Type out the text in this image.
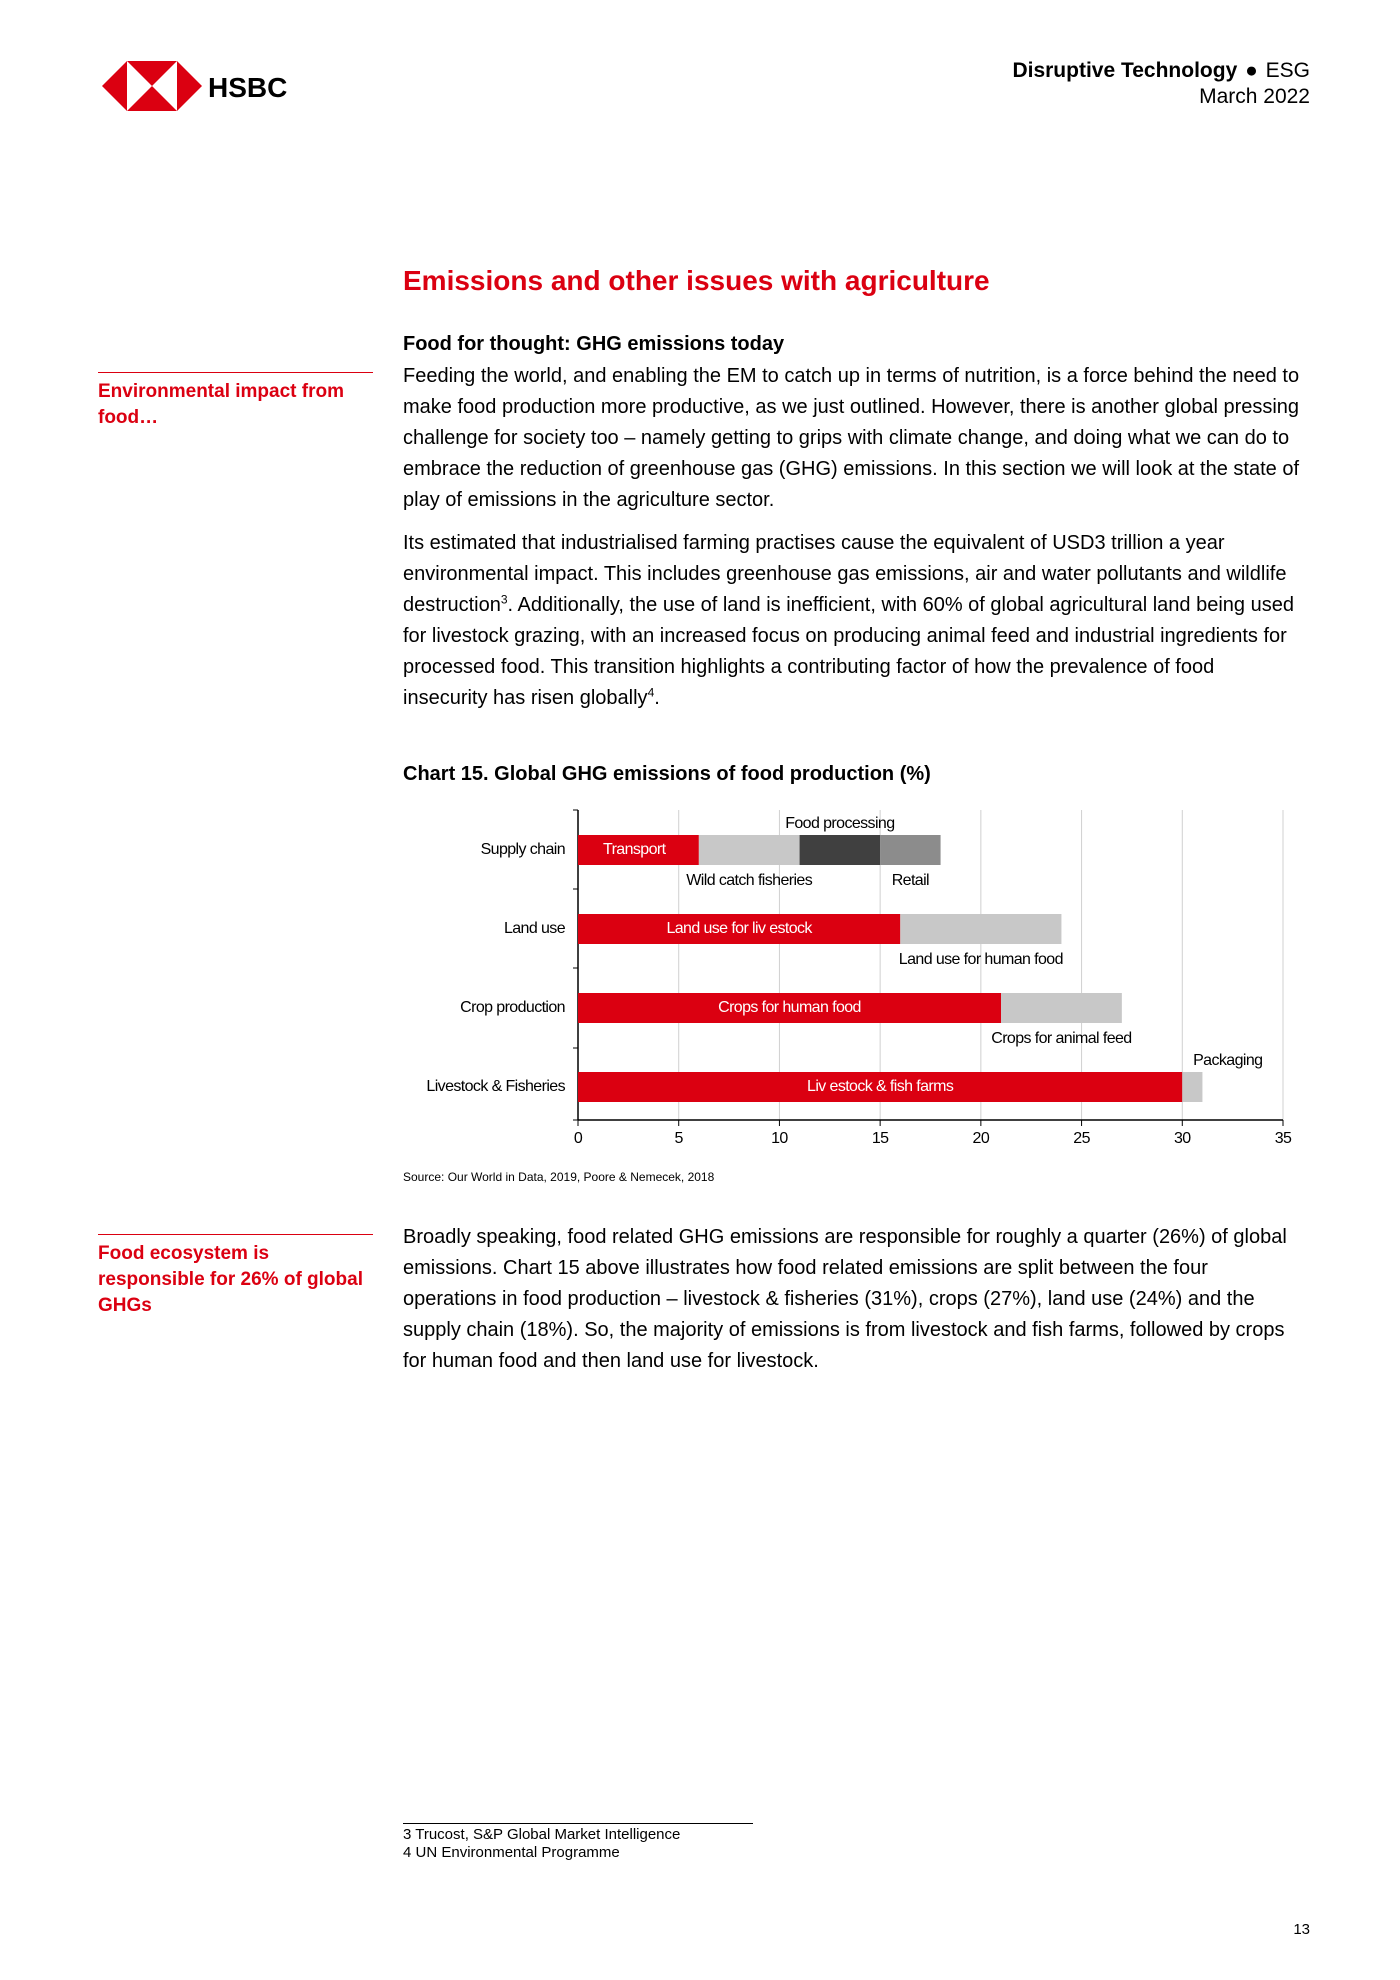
HSBC
Disruptive Technology ● ESG
March 2022
Emissions and other issues with agriculture
Environmental impact from food…
Food for thought: GHG emissions today
Feeding the world, and enabling the EM to catch up in terms of nutrition, is a force behind the need to make food production more productive, as we just outlined. However, there is another global pressing challenge for society too – namely getting to grips with climate change, and doing what we can do to embrace the reduction of greenhouse gas (GHG) emissions. In this section we will look at the state of play of emissions in the agriculture sector.
Its estimated that industrialised farming practises cause the equivalent of USD3 trillion a year environmental impact. This includes greenhouse gas emissions, air and water pollutants and wildlife destruction$^3$. Additionally, the use of land is inefficient, with 60% of global agricultural land being used for livestock grazing, with an increased focus on producing animal feed and industrial ingredients for processed food. This transition highlights a contributing factor of how the prevalence of food insecurity has risen globally$^4$.
Chart 15. Global GHG emissions of food production (%)
0	5	10	15	20	25	30	35
Supply chain Transport
Wild catch fisheries
Food processing
Retail
Land use	Land use for liv estock
Land use for human food
Crop production	Crops for human food
Crops for animal feed
Livestock & Fisheries	Liv estock & fish farms
Packaging
Source: Our World in Data, 2019, Poore & Nemecek, 2018
Food ecosystem is responsible for 26% of global GHGs
Broadly speaking, food related GHG emissions are responsible for roughly a quarter (26%) of global emissions. Chart 15 above illustrates how food related emissions are split between the four operations in food production – livestock & fisheries (31%), crops (27%), land use (24%) and the supply chain (18%). So, the majority of emissions is from livestock and fish farms, followed by crops for human food and then land use for livestock.
3 Trucost, S&P Global Market Intelligence
4 UN Environmental Programme
13
